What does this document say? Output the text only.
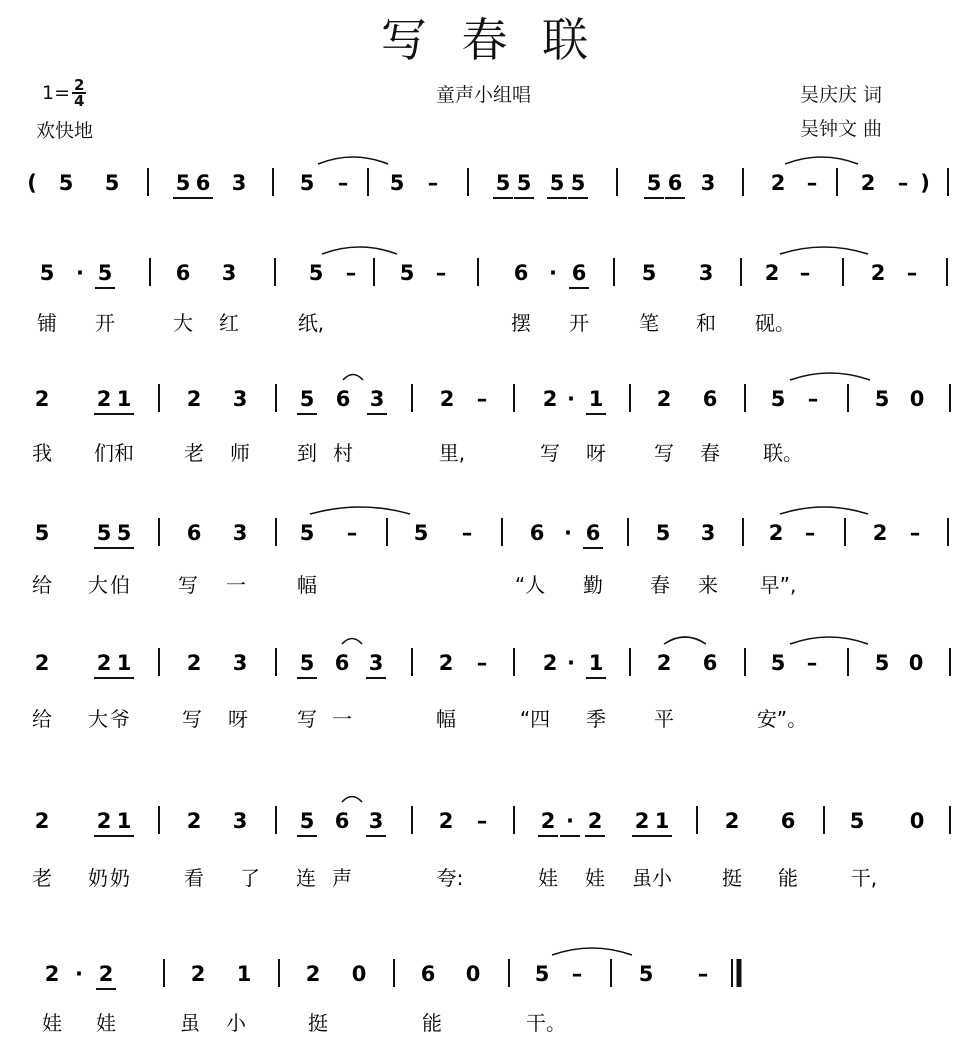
写 春 联
$1= \frac{2}{4}$
欢快地
童声小组唱	吴庆庆 词
吴钟文 曲
( 5 5	5 6 3	5 – 5 –	5 5 5 5	5 6 3	2 – 2 – )
5 · 5	6 3	5 – 5 –	6 · 6	5 3 2 –	2 –
铺 开	大 红	纸,	摆 开	笔 和 砚。
2 2 1	2 3 5 6 3	2 –	2 · 1	2 6	5 –	5 0
我 们 和	老 师 到 村	里,	写 呀 写 春 联。
5 5 5	6 3 5 –	5 –	6 · 6	5 3	2 –	2 –
给 大 伯 写 一	幅	“人 勤 春 来 早”,
2 2 1	2 3 5 6 3	2 –	2 · 1	2 6	5 –	5 0
给 大 爷	写 呀 写 一	幅	“四 季 平	安”。
2 2 1	2 3 5 6 3	2 –	2 · 2 2 1	2 6	5 0
老 奶 奶	看 了 连 声	夸:	娃 娃 虽 小	挺 能	干,
2 · 2	2 1	2 0	6 0	5 –	5 –
娃 娃	虽 小	挺	能	干。
